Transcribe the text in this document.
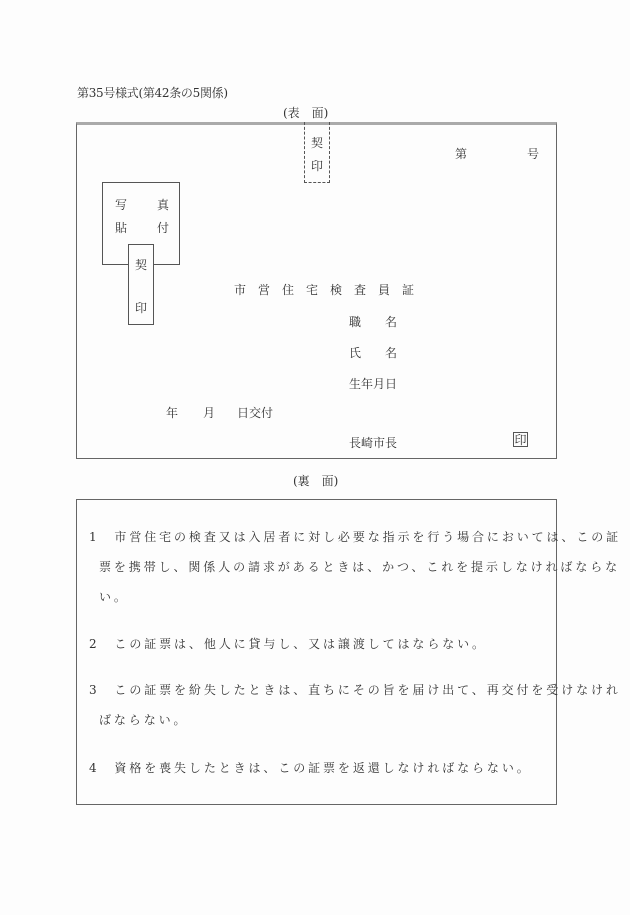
第35号様式(第42条の5関係)
(表　面)
契
印
第	号
写 真
貼 付
契
印
市　営　住　宅　検　査　員　証
職　　名
氏　　名
生年月日
年 月 日交付
長崎市長	印
(裏　面)
1　市営住宅の検査又は入居者に対し必要な指示を行う場合においては、この証
票を携帯し、関係人の請求があるときは、かつ、これを提示しなければならな
い。
2　この証票は、他人に貸与し、又は譲渡してはならない。
3　この証票を紛失したときは、直ちにその旨を届け出て、再交付を受けなけれ
ばならない。
4　資格を喪失したときは、この証票を返還しなければならない。
